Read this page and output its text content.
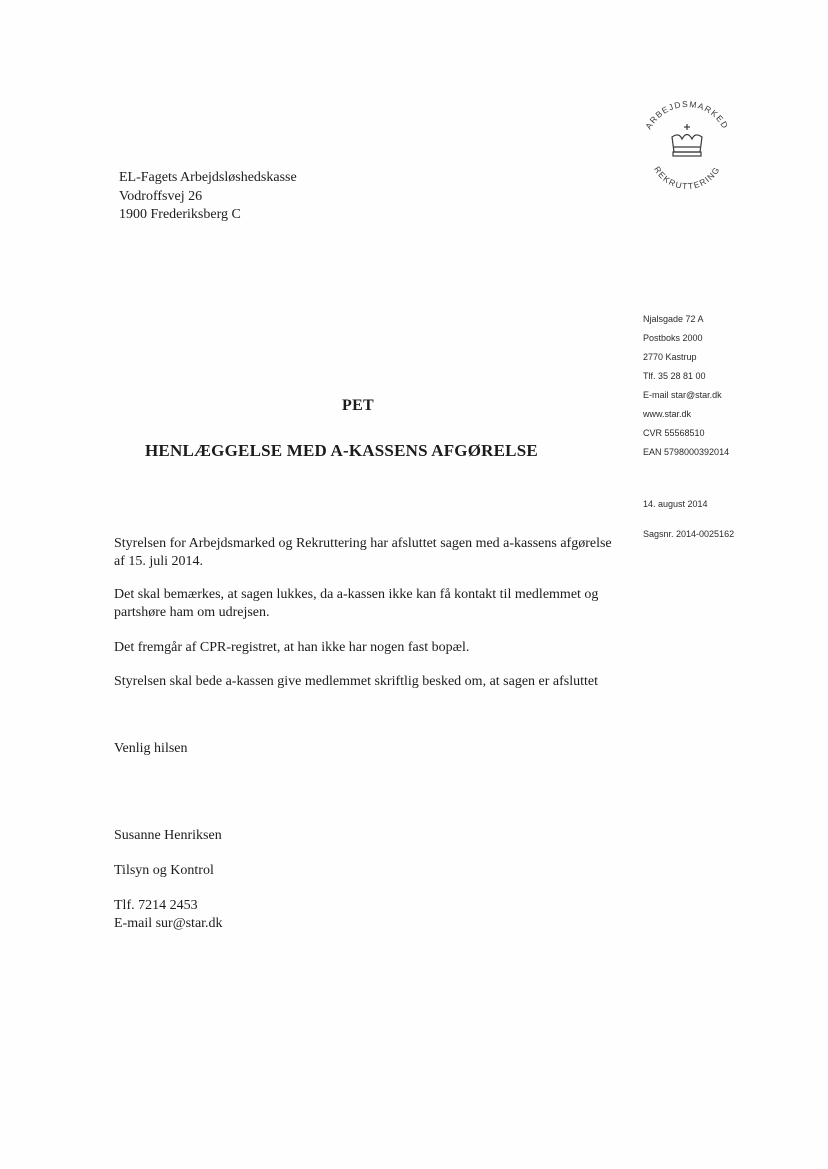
ARBEJDSMARKED
REKRUTTERING
EL-Fagets Arbejdsløshedskasse
Vodroffsvej 26
1900 Frederiksberg C
Njalsgade 72 A
Postboks 2000
2770 Kastrup
Tlf. 35 28 81 00
E-mail star@star.dk
www.star.dk
CVR 55568510
EAN 5798000392014
14. august 2014
Sagsnr. 2014-0025162
PET
HENLÆGGELSE MED A-KASSENS AFGØRELSE

Styrelsen for Arbejdsmarked og Rekruttering har afsluttet sagen med a-kassens afgørelse af 15. juli 2014.

Det skal bemærkes, at sagen lukkes, da a-kassen ikke kan få kontakt til medlemmet og partshøre ham om udrejsen.

Det fremgår af CPR-registret, at han ikke har nogen fast bopæl.

Styrelsen skal bede a-kassen give medlemmet skriftlig besked om, at sagen er afsluttet

Venlig hilsen

Susanne Henriksen

Tilsyn og Kontrol

Tlf. 7214 2453

E-mail sur@star.dk
